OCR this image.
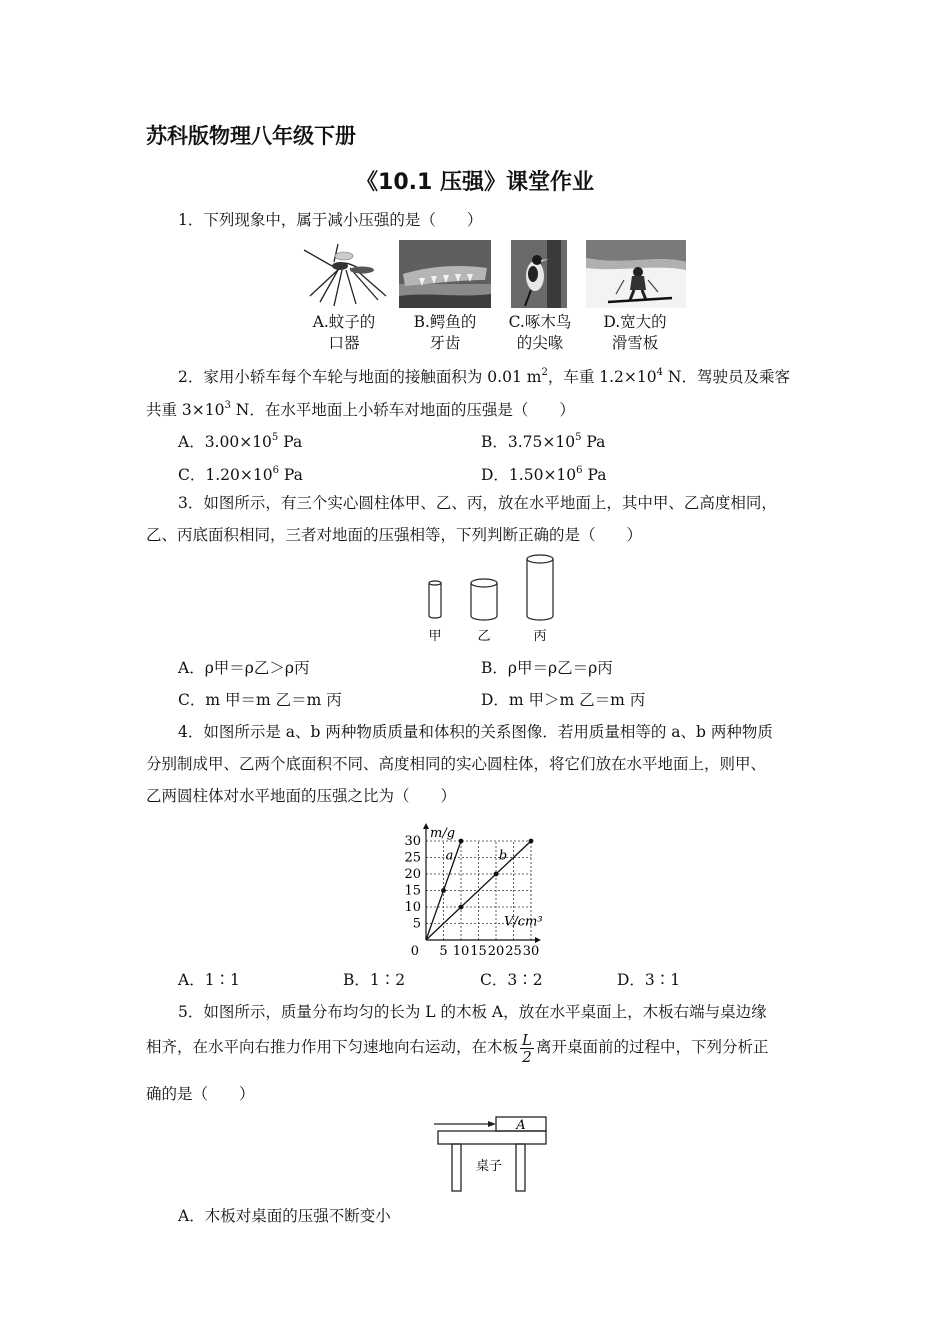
苏科版物理八年级下册
《10.1 压强》课堂作业
1．下列现象中，属于减小压强的是（　　）
A.蚊子的
口器
B.鳄鱼的
牙齿
C.啄木鸟
的尖喙
D.宽大的
滑雪板
2．家用小轿车每个车轮与地面的接触面积为 0.01 $m^2$，车重 $1.2\times 10^4$ N．驾驶员及乘客
共重 $3\times 10^3$ N．在水平地面上小轿车对地面的压强是（　　）
A．$3.00\times 10^5$ Pa	B．$3.75\times 10^5$ Pa
C．$1.20\times 10^6$ Pa	D．$1.50\times 10^6$ Pa
3．如图所示，有三个实心圆柱体甲、乙、丙，放在水平地面上，其中甲、乙高度相同，
乙、丙底面积相同，三者对地面的压强相等，下列判断正确的是（　　）
甲	乙	丙
A．ρ甲＝ρ乙＞ρ丙	B．ρ甲＝ρ乙＝ρ丙
C．m 甲＝m 乙＝m 丙	D．m 甲＞m 乙＝m 丙
4．如图所示是 a、b 两种物质质量和体积的关系图像．若用质量相等的 a、b 两种物质
分别制成甲、乙两个底面积不同、高度相同的实心圆柱体，将它们放在水平地面上，则甲、
乙两圆柱体对水平地面的压强之比为（　　）
5 10 15 20 25 30
5
10
15
20
25
30
0
m/g
V/cm³
a	b
A．1∶1	B．1∶2	C．3∶2	D．3∶1
5．如图所示，质量分布均匀的长为 L 的木板 A，放在水平桌面上，木板右端与桌边缘
相齐，在水平向右推力作用下匀速地向右运动，在木板 $\frac{L}{2}$ 离开桌面前的过程中，下列分析正
确的是（　　）
A
桌子
A．木板对桌面的压强不断变小
